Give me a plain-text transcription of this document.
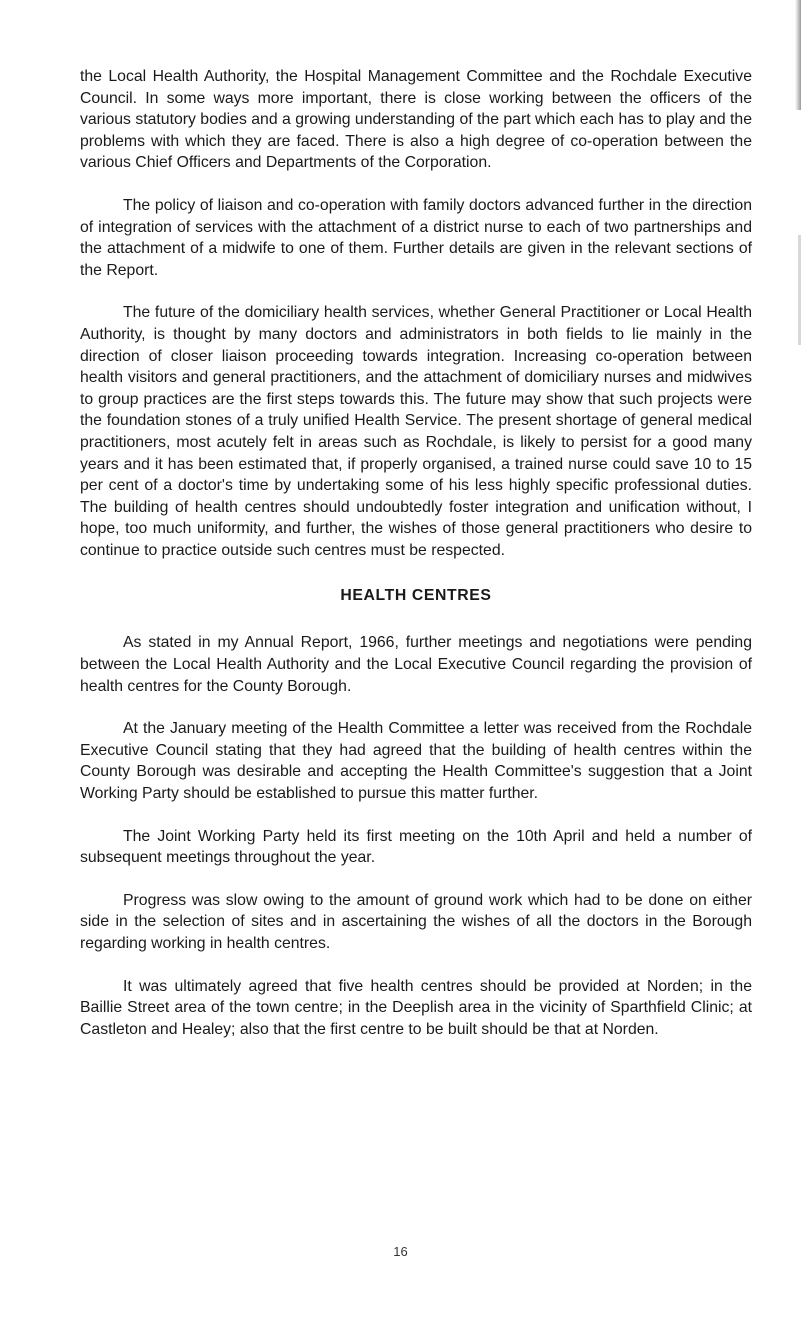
the Local Health Authority, the Hospital Management Committee and the Rochdale Executive Council. In some ways more important, there is close working between the officers of the various statutory bodies and a growing understanding of the part which each has to play and the problems with which they are faced. There is also a high degree of co-operation between the various Chief Officers and Departments of the Corporation.

The policy of liaison and co-operation with family doctors advanced further in the direction of integration of services with the attachment of a district nurse to each of two partnerships and the attachment of a midwife to one of them. Further details are given in the relevant sections of the Report.

The future of the domiciliary health services, whether General Practitioner or Local Health Authority, is thought by many doctors and administrators in both fields to lie mainly in the direction of closer liaison proceeding towards integration. Increasing co-operation between health visitors and general practitioners, and the attachment of domiciliary nurses and midwives to group practices are the first steps towards this. The future may show that such projects were the foundation stones of a truly unified Health Service. The present shortage of general medical practitioners, most acutely felt in areas such as Rochdale, is likely to persist for a good many years and it has been estimated that, if properly organised, a trained nurse could save 10 to 15 per cent of a doctor's time by undertaking some of his less highly specific professional duties. The building of health centres should undoubtedly foster integration and unification without, I hope, too much uniformity, and further, the wishes of those general practitioners who desire to continue to practice outside such centres must be respected.

HEALTH CENTRES

As stated in my Annual Report, 1966, further meetings and negotiations were pending between the Local Health Authority and the Local Executive Council regarding the provision of health centres for the County Borough.

At the January meeting of the Health Committee a letter was received from the Rochdale Executive Council stating that they had agreed that the building of health centres within the County Borough was desirable and accepting the Health Committee's suggestion that a Joint Working Party should be established to pursue this matter further.

The Joint Working Party held its first meeting on the 10th April and held a number of subsequent meetings throughout the year.

Progress was slow owing to the amount of ground work which had to be done on either side in the selection of sites and in ascertaining the wishes of all the doctors in the Borough regarding working in health centres.

It was ultimately agreed that five health centres should be provided at Norden; in the Baillie Street area of the town centre; in the Deeplish area in the vicinity of Sparthfield Clinic; at Castleton and Healey; also that the first centre to be built should be that at Norden.

16
